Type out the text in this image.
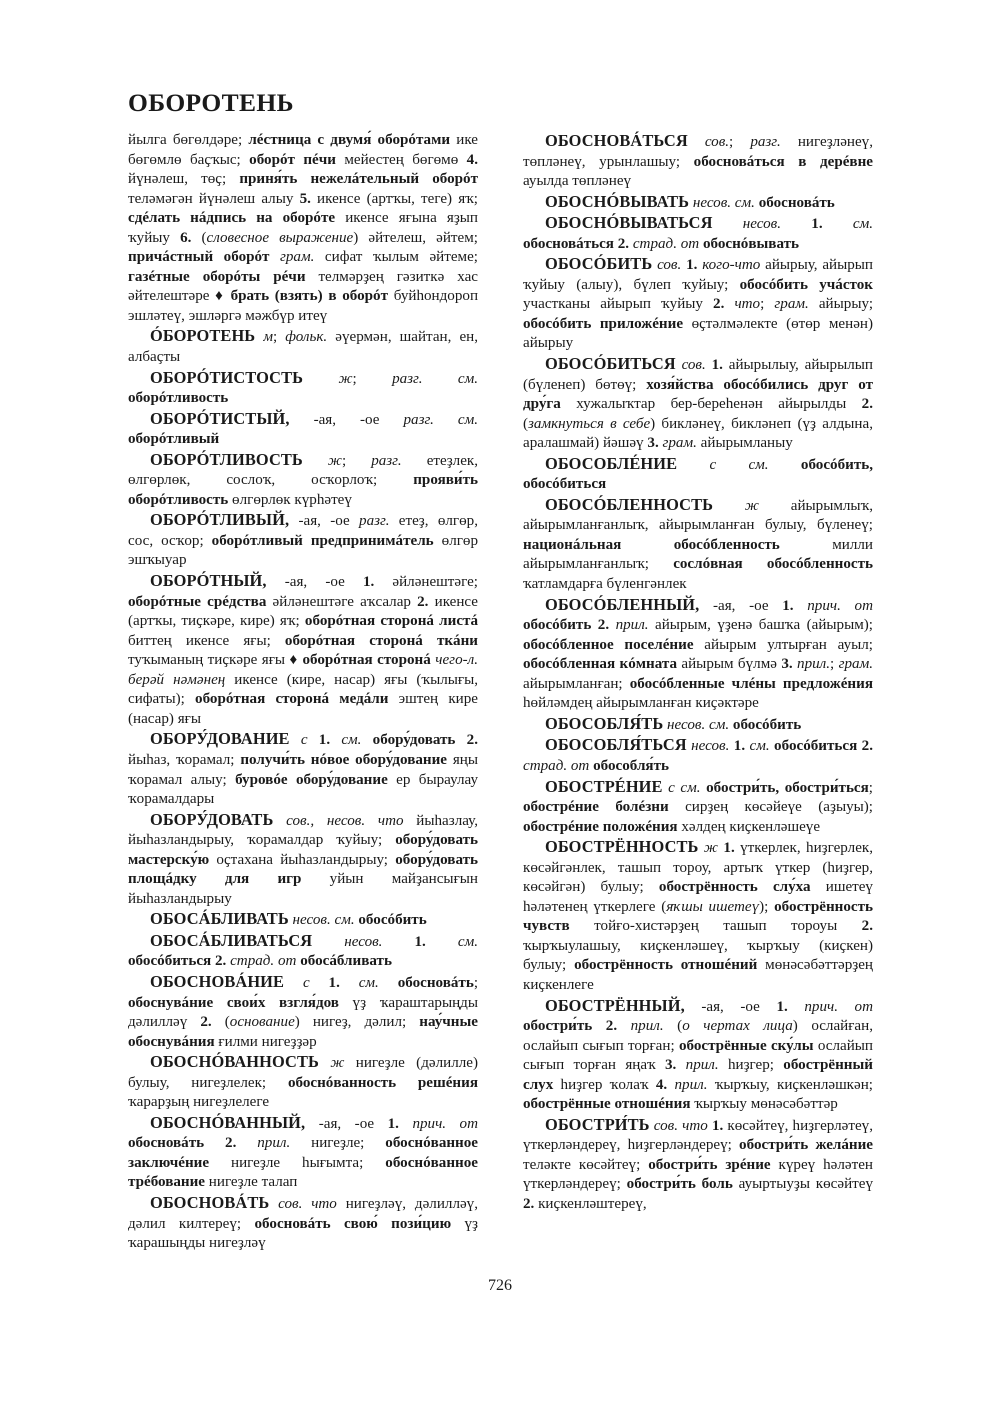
ОБОРОТЕНЬ

йылга бөгөлдәре; лéстница с двумя́ оборóтами ике бөгөмлө баҫҡыс; оборóт пéчи мейестең бөгөмө 4. йүнәлеш, төҫ; приня́ть нежелáтельный оборóт теләмәгән йүнәлеш алыу 5. икенсе (артҡы, теге) яҡ; сдéлать нáдпись на оборóте икенсе яғына яҙып ҡуйыу 6. (словесное выражение) әйтелеш, әйтем; причáстный оборóт грам. сифат ҡылым әйтеме; газéтные оборóты рéчи телмәрҙең гәзиткә хас әйтелештәре ♦ брать (взять) в оборóт буйһондороп эшләтеү, эшләргә мәжбүр итеү

ÓБОРОТЕНЬ м; фольк. әүермән, шайтан, ен, албаҫты

ОБОРÓТИСТОСТЬ ж; разг. см. оборóтливость

ОБОРÓТИСТЫЙ, -ая, -ое разг. см. оборóтливый

ОБОРÓТЛИВОСТЬ ж; разг. етеҙлек, өлгөрлөк, сослоҡ, осҡорлоҡ; прояви́ть оборóтливость өлгөрлөк күрһәтеү

ОБОРÓТЛИВЫЙ, -ая, -ое разг. етеҙ, өлгөр, сос, осҡор; оборóтливый предпринимáтель өлгөр эшҡыуар

ОБОРÓТНЫЙ, -ая, -ое 1. әйләнештәге; оборóтные срéдства әйләнештәге аҡсалар 2. икенсе (артҡы, тиҫкәре, кире) яҡ; оборóтная сторонá листá биттең икенсе яғы; оборóтная сторонá ткáни туҡыманың тиҫкәре яғы ♦ оборóтная сторонá чего-л. берәй нәмәнең икенсе (кире, насар) яғы (ҡылығы, сифаты); оборóтная сторонá медáли эштең кире (насар) яғы

ОБОРУ́ДОВАНИЕ с 1. см. обору́довать 2. йыһаз, ҡорамал; получи́ть нóвое обору́дование яңы ҡорамал алыу; буровóе обору́дование ер быраулау ҡорамалдары

ОБОРУ́ДОВАТЬ сов., несов. что йыһазлау, йыһазландырыу, ҡорамалдар ҡуйыу; обору́довать мастерску́ю оҫтахана йыһазландырыу; обору́довать площáдку для игр уйын майҙансығын йыһазландырыу

ОБОСÁБЛИВАТЬ несов. см. обосóбить

ОБОСÁБЛИВАТЬСЯ несов. 1. см. обосóбиться 2. страд. от обосáбливать

ОБОСНОВÁНИЕ с 1. см. обосновáть; обоснувáние свои́х взгля́дов үҙ ҡараштарыңды дәлилләү 2. (основание) нигеҙ, дәлил; нау́чные обоснувáния ғилми нигеҙҙәр

ОБОСНÓВАННОСТЬ ж нигеҙле (дәлилле) булыу, нигеҙлелек; обоснóванность решéния ҡарарҙың нигеҙлелеге

ОБОСНÓВАННЫЙ, -ая, -ое 1. прич. от обосновáть 2. прил. нигеҙле; обоснóванное заключéние нигеҙле һығымта; обоснóванное трéбование нигеҙле талап

ОБОСНОВÁТЬ сов. что нигеҙләү, дәлилләү, дәлил килтереү; обосновáть свою́ пози́цию үҙ ҡарашыңды нигеҙләү

ОБОСНОВÁТЬСЯ сов.; разг. нигеҙләнеү, төпләнеү, урынлашыу; обосновáться в дерéвне ауылда төпләнеү

ОБОСНÓВЫВАТЬ несов. см. обосновáть

ОБОСНÓВЫВАТЬСЯ несов. 1. см. обосновáться 2. страд. от обоснóвывать

ОБОСÓБИТЬ сов. 1. кого-что айырыу, айырып ҡуйыу (алыу), бүлеп ҡуйыу; обосóбить учáсток участканы айырып ҡуйыу 2. что; грам. айырыу; обосóбить приложéние өҫтәлмәлекте (өтөр менән) айырыу

ОБОСÓБИТЬСЯ сов. 1. айырылыу, айырылып (бүленеп) бөтөү; хозя́йства обосóбились друг от дру́га хужалыҡтар бер-береһенән айырылды 2. (замкнуться в себе) бикләнеү, бикләнеп (үҙ алдына, аралашмай) йәшәү 3. грам. айырымланыу

ОБОСОБЛÉНИЕ с см. обосóбить, обосóбиться

ОБОСÓБЛЕННОСТЬ ж айырымлыҡ, айырымланғанлыҡ, айырымланған булыу, бүленеү; национáльная обосóбленность милли айырымланғанлыҡ; сослóвная обосóбленность ҡатламдарға бүленгәнлек

ОБОСÓБЛЕННЫЙ, -ая, -ое 1. прич. от обосóбить 2. прил. айырым, үҙенә башҡа (айырым); обосóбленное поселéние айырым ултырған ауыл; обосóбленная кóмната айырым бүлмә 3. прил.; грам. айырымланған; обосóбленные члéны предложéния һөйләмдең айырымланған киҫәктәре

ОБОСОБЛЯ́ТЬ несов. см. обосóбить

ОБОСОБЛЯ́ТЬСЯ несов. 1. см. обосóбиться 2. страд. от обособля́ть

ОБОСТРÉНИЕ с см. обостри́ть, обостри́ться; обострéние болéзни сирҙең көсәйеүе (аҙыуы); обострéние положéния хәлдең киҫкенләшеүе

ОБОСТРЁННОСТЬ ж 1. үткерлек, һиҙгерлек, көсәйгәнлек, ташып тороу, артыҡ үткер (һиҙгер, көсәйгән) булыу; обострённость слу́ха ишетеү һәләтенең үткерлеге (яҡшы ишетеү); обострённость чувств тойғо-хистәрҙең ташып тороуы 2. ҡырҡыулашыу, киҫкенләшеү, ҡырҡыу (киҫкен) булыу; обострённость отношéний мөнәсәбәттәрҙең киҫкенлеге

ОБОСТРЁННЫЙ, -ая, -ое 1. прич. от обостри́ть 2. прил. (о чертах лица) ослайған, ослайып сығып торған; обострённые ску́лы ослайып сығып торған яңаҡ 3. прил. һиҙгер; обострённый слух һиҙгер ҡолаҡ 4. прил. ҡырҡыу, киҫкенләшкән; обострённые отношéния ҡырҡыу мөнәсәбәттәр

ОБОСТРИ́ТЬ сов. что 1. көсәйтеү, һиҙгерләтеү, үткерләндереү, һиҙгерләндереү; обостри́ть желáние теләкте көсәйтеү; обостри́ть зрéние күреү һәләтен үткерләндереү; обостри́ть боль ауыртыуҙы көсәйтеү 2. киҫкенләштереү,

726
